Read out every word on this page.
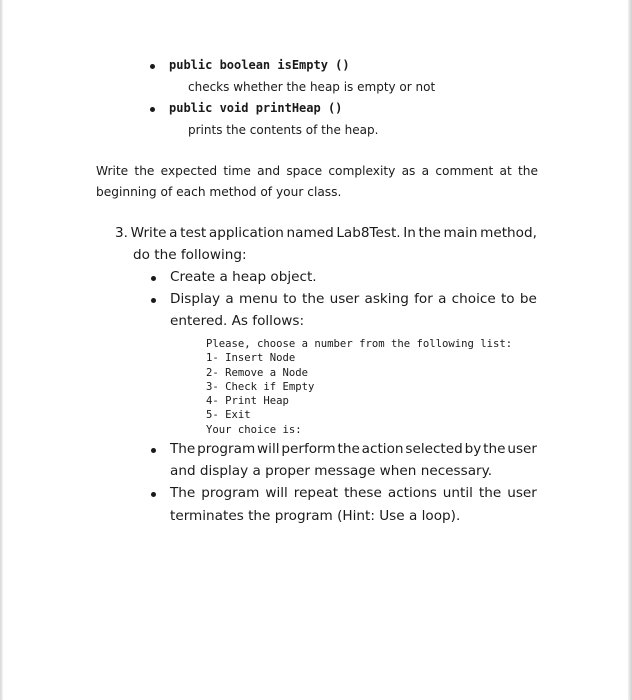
public boolean isEmpty ()
checks whether the heap is empty or not
public void printHeap ()
prints the contents of the heap.
Write the expected time and space complexity as a comment at the
beginning of each method of your class.
3. Write a test application named Lab8Test. In the main method,
do the following:
Create a heap object.
Display a menu to the user asking for a choice to be
entered. As follows:
Please, choose a number from the following list:
1- Insert Node
2- Remove a Node
3- Check if Empty
4- Print Heap
5- Exit
Your choice is:
The program will perform the action selected by the user
and display a proper message when necessary.
The program will repeat these actions until the user
terminates the program (Hint: Use a loop).
